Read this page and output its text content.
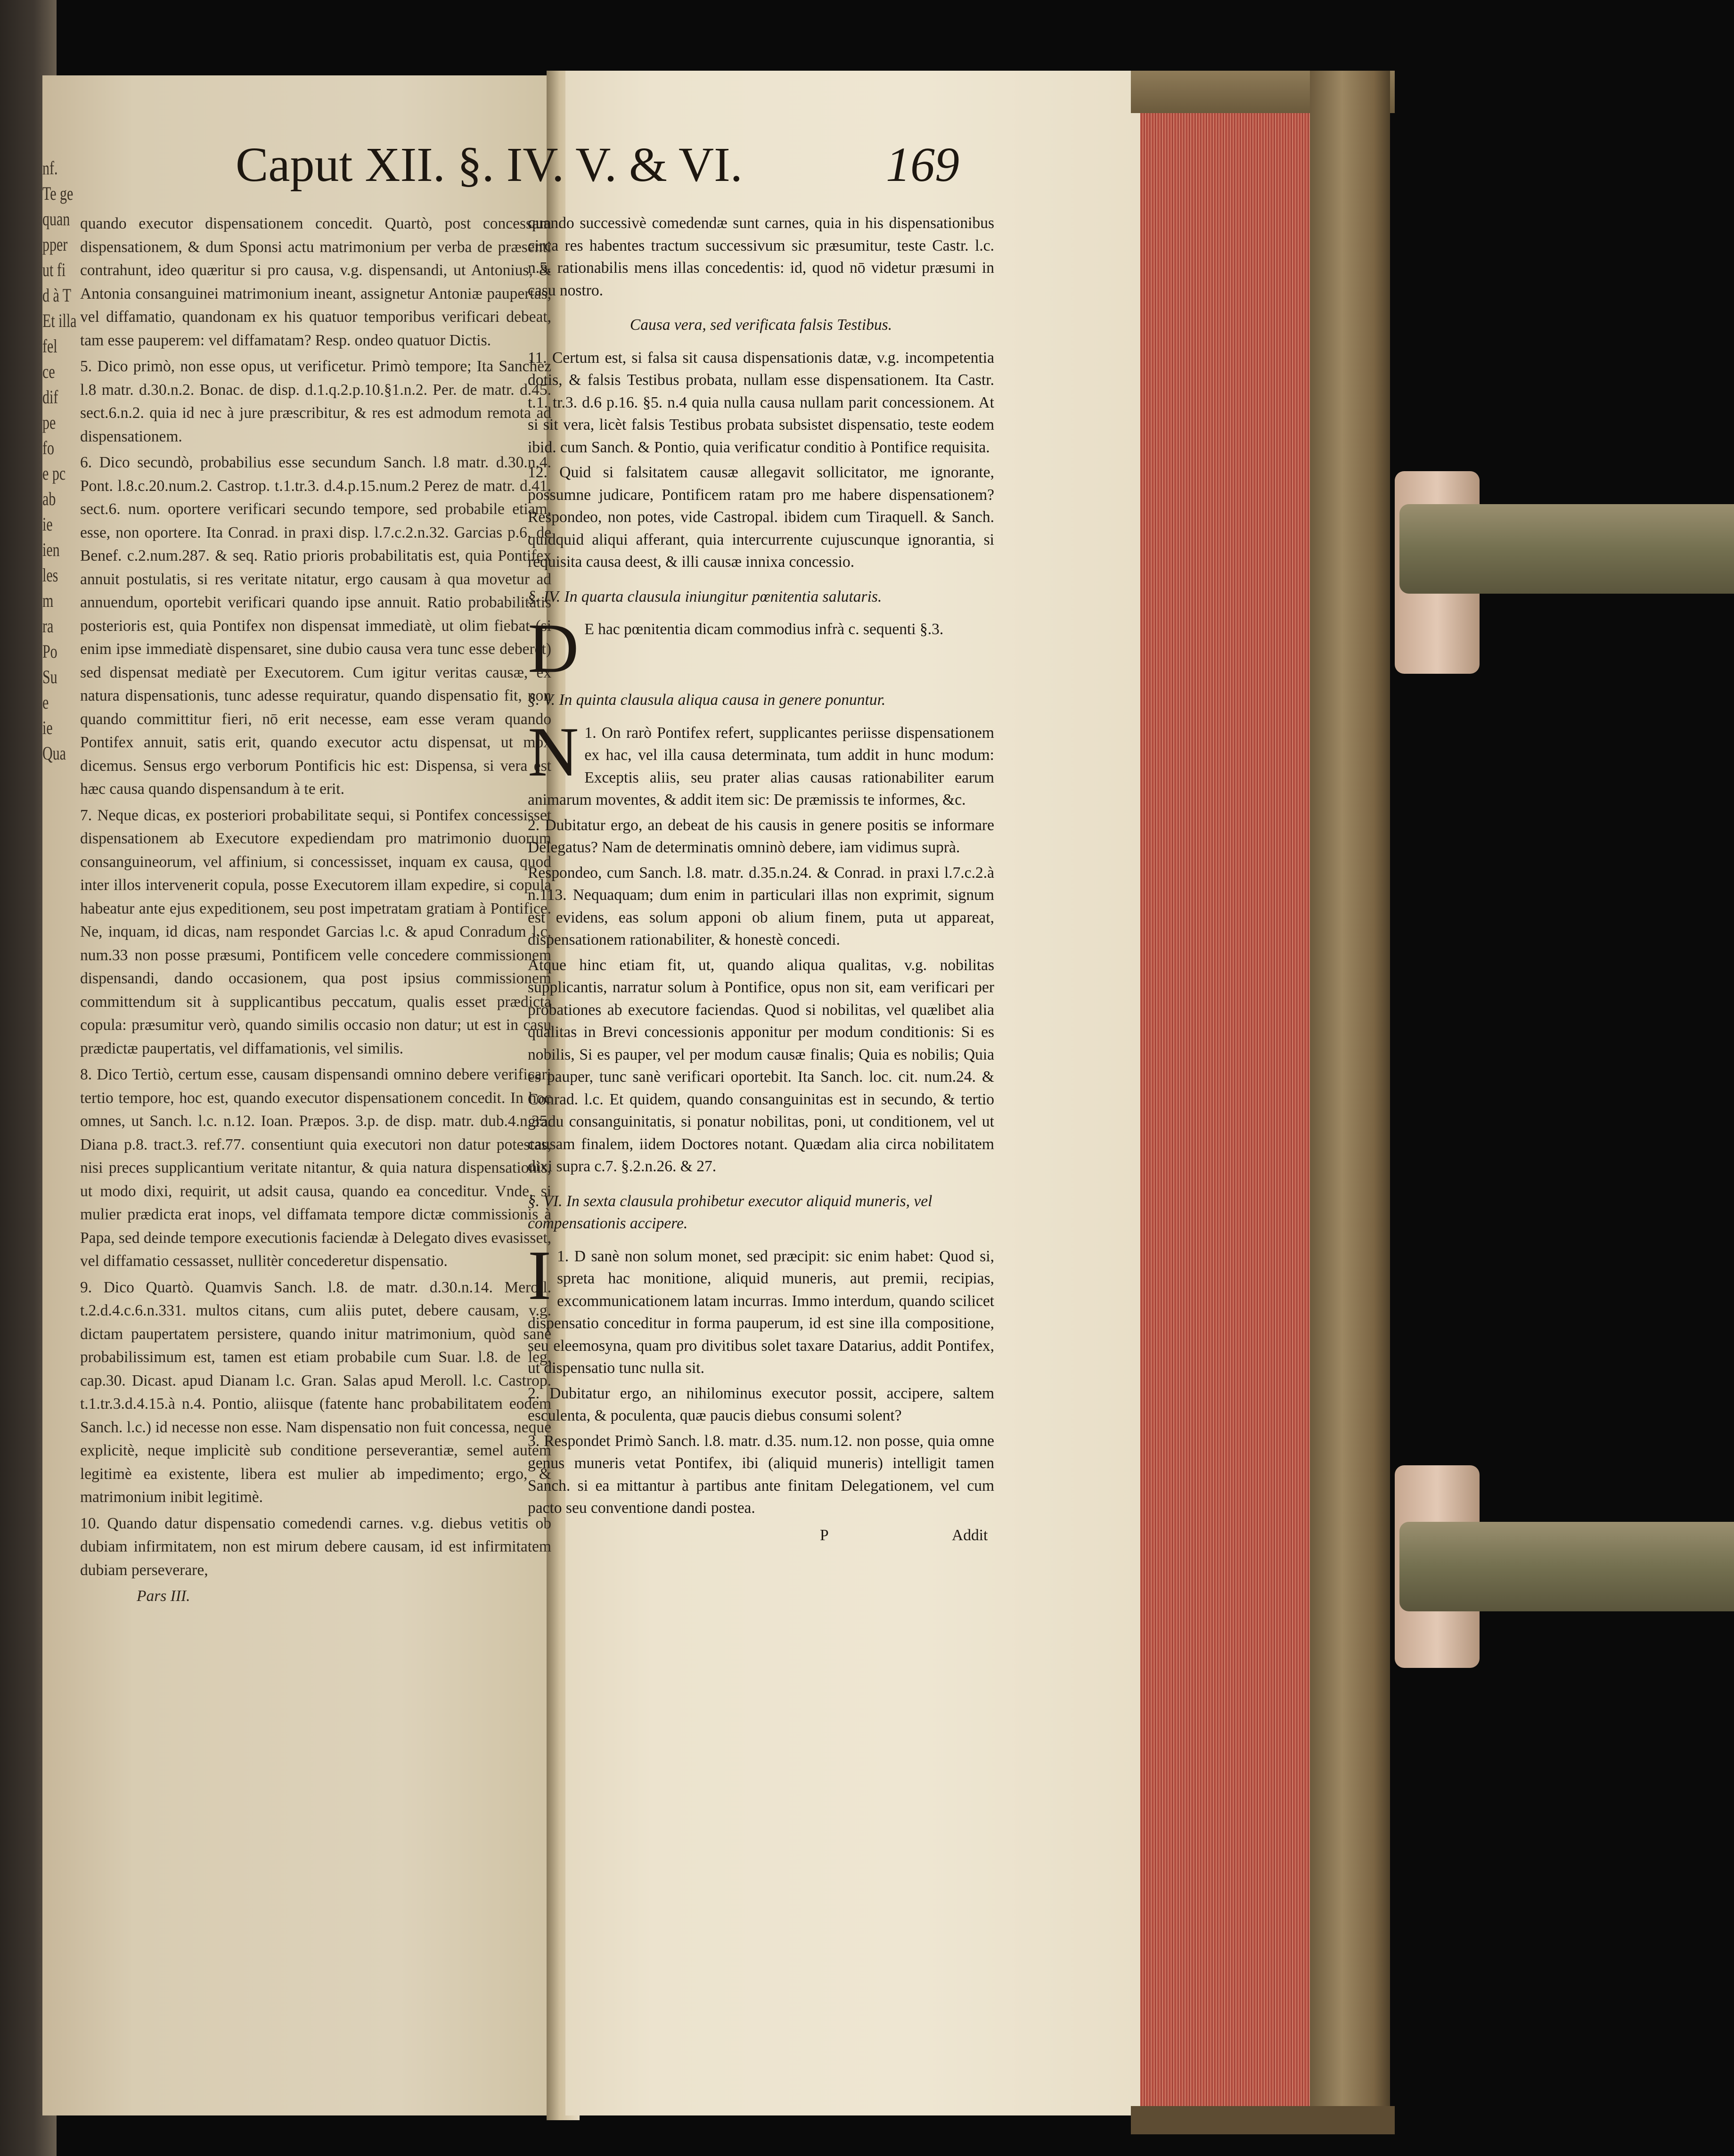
nf.
Te ge
quan
pper
ut fi
d à T
Et illa
fel
ce
dif
pe
fo
e pc
ab
ie
ien
les
m
ra
Po
Su
e
ie
Qua

quando executor dispensationem concedit. Quartò, post concessam dispensationem, & dum Sponsi actu matrimonium per verba de præsenti contrahunt, ideo quæritur si pro causa, v.g. dispensandi, ut Antonius, & Antonia consanguinei matrimonium ineant, assignetur Antoniæ paupertas, vel diffamatio, quandonam ex his quatuor temporibus verificari debeat, tam esse pauperem: vel diffamatam? Resp. ondeo quatuor Dictis.

5. Dico primò, non esse opus, ut verificetur. Primò tempore; Ita Sanchez l.8 matr. d.30.n.2. Bonac. de disp. d.1.q.2.p.10.§1.n.2. Per. de matr. d.45. sect.6.n.2. quia id nec à jure præscribitur, & res est admodum remota ad dispensationem.

6. Dico secundò, probabilius esse secundum Sanch. l.8 matr. d.30.n.4. Pont. l.8.c.20.num.2. Castrop. t.1.tr.3. d.4.p.15.num.2 Perez de matr. d.41. sect.6. num. oportere verificari secundo tempore, sed probabile etiam, esse, non oportere. Ita Conrad. in praxi disp. l.7.c.2.n.32. Garcias p.6. de Benef. c.2.num.287. & seq. Ratio prioris probabilitatis est, quia Pontifex annuit postulatis, si res veritate nitatur, ergo causam à qua movetur ad annuendum, oportebit verificari quando ipse annuit. Ratio probabilitatis posterioris est, quia Pontifex non dispensat immediatè, ut olim fiebat (si enim ipse immediatè dispensaret, sine dubio causa vera tunc esse deberet) sed dispensat mediatè per Executorem. Cum igitur veritas causæ, ex natura dispensationis, tunc adesse requiratur, quando dispensatio fit, non quando committitur fieri, nō erit necesse, eam esse veram quando Pontifex annuit, satis erit, quando executor actu dispensat, ut mox dicemus. Sensus ergo verborum Pontificis hic est: Dispensa, si vera est hæc causa quando dispensandum à te erit.

7. Neque dicas, ex posteriori probabilitate sequi, si Pontifex concessisset dispensationem ab Executore expediendam pro matrimonio duorum consanguineorum, vel affinium, si concessisset, inquam ex causa, quod inter illos intervenerit copula, posse Executorem illam expedire, si copula habeatur ante ejus expeditionem, seu post impetratam gratiam à Pontifice. Ne, inquam, id dicas, nam respondet Garcias l.c. & apud Conradum l.c. num.33 non posse præsumi, Pontificem velle concedere commissionem dispensandi, dando occasionem, qua post ipsius commissionem committendum sit à supplicantibus peccatum, qualis esset prædicta copula: præsumitur verò, quando similis occasio non datur; ut est in casu prædictæ paupertatis, vel diffamationis, vel similis.

8. Dico Tertiò, certum esse, causam dispensandi omnino debere verificari tertio tempore, hoc est, quando executor dispensationem concedit. In hoc omnes, ut Sanch. l.c. n.12. Ioan. Præpos. 3.p. de disp. matr. dub.4.n.35. Diana p.8. tract.3. ref.77. consentiunt quia executori non datur potestas, nisi preces supplicantium veritate nitantur, & quia natura dispensationis, ut modo dixi, requirit, ut adsit causa, quando ea conceditur. Vnde, si mulier prædicta erat inops, vel diffamata tempore dictæ commissionis à Papa, sed deinde tempore executionis faciendæ à Delegato dives evasisset, vel diffamatio cessasset, nullitèr concederetur dispensatio.

9. Dico Quartò. Quamvis Sanch. l.8. de matr. d.30.n.14. Meroll. t.2.d.4.c.6.n.331. multos citans, cum aliis putet, debere causam, v.g. dictam paupertatem persistere, quando initur matrimonium, quòd sanè probabilissimum est, tamen est etiam probabile cum Suar. l.8. de leg. cap.30. Dicast. apud Dianam l.c. Gran. Salas apud Meroll. l.c. Castrop. t.1.tr.3.d.4.15.à n.4. Pontio, aliisque (fatente hanc probabilitatem eodem Sanch. l.c.) id necesse non esse. Nam dispensatio non fuit concessa, neque explicitè, neque implicitè sub conditione perseverantiæ, semel autem legitimè ea existente, libera est mulier ab impedimento; ergo, & matrimonium inibit legitimè.

10. Quando datur dispensatio comedendi carnes. v.g. diebus vetitis ob dubiam infirmitatem, non est mirum debere causam, id est infirmitatem dubiam perseverare,

Pars III.

quando successivè comedendæ sunt carnes, quia in his dispensationibus circa res habentes tractum successivum sic præsumitur, teste Castr. l.c. n.5. rationabilis mens illas concedentis: id, quod nō videtur præsumi in casu nostro.

Causa vera, sed verificata falsis Testibus.

11. Certum est, si falsa sit causa dispensationis datæ, v.g. incompetentia dotis, & falsis Testibus probata, nullam esse dispensationem. Ita Castr. t.1. tr.3. d.6 p.16. §5. n.4 quia nulla causa nullam parit concessionem. At si sit vera, licèt falsis Testibus probata subsistet dispensatio, teste eodem ibid. cum Sanch. & Pontio, quia verificatur conditio à Pontifice requisita.

12. Quid si falsitatem causæ allegavit sollicitator, me ignorante, possumne judicare, Pontificem ratam pro me habere dispensationem? Respondeo, non potes, vide Castropal. ibidem cum Tiraquell. & Sanch. quidquid aliqui afferant, quia intercurrente cujuscunque ignorantia, si requisita causa deest, & illi causæ innixa concessio.

§. IV. In quarta clausula iniungitur pœnitentia salutaris.

D E hac pœnitentia dicam commodius infrà c. sequenti §.3.

§. V. In quinta clausula aliqua causa in genere ponuntur.

N 1. On rarò Pontifex refert, supplicantes periisse dispensationem ex hac, vel illa causa determinata, tum addit in hunc modum: Exceptis aliis, seu prater alias causas rationabiliter earum animarum moventes, & addit item sic: De præmissis te informes, &c.

2. Dubitatur ergo, an debeat de his causis in genere positis se informare Delegatus? Nam de determinatis omninò debere, iam vidimus suprà.

Respondeo, cum Sanch. l.8. matr. d.35.n.24. & Conrad. in praxi l.7.c.2.à n.113. Nequaquam; dum enim in particulari illas non exprimit, signum est evidens, eas solum apponi ob alium finem, puta ut appareat, dispensationem rationabiliter, & honestè concedi.

Atque hinc etiam fit, ut, quando aliqua qualitas, v.g. nobilitas supplicantis, narratur solum à Pontifice, opus non sit, eam verificari per probationes ab executore faciendas. Quod si nobilitas, vel quælibet alia qualitas in Brevi concessionis apponitur per modum conditionis: Si es nobilis, Si es pauper, vel per modum causæ finalis; Quia es nobilis; Quia es pauper, tunc sanè verificari oportebit. Ita Sanch. loc. cit. num.24. & Conrad. l.c. Et quidem, quando consanguinitas est in secundo, & tertio gradu consanguinitatis, si ponatur nobilitas, poni, ut conditionem, vel ut causam finalem, iidem Doctores notant. Quædam alia circa nobilitatem dixi supra c.7. §.2.n.26. & 27.

§. VI. In sexta clausula prohibetur executor aliquid muneris, vel compensationis accipere.

I 1. D sanè non solum monet, sed præcipit: sic enim habet: Quod si, spreta hac monitione, aliquid muneris, aut premii, recipias, excommunicationem latam incurras. Immo interdum, quando scilicet dispensatio conceditur in forma pauperum, id est sine illa compositione, seu eleemosyna, quam pro divitibus solet taxare Datarius, addit Pontifex, ut dispensatio tunc nulla sit.

2. Dubitatur ergo, an nihilominus executor possit, accipere, saltem esculenta, & poculenta, quæ paucis diebus consumi solent?

3. Respondet Primò Sanch. l.8. matr. d.35. num.12. non posse, quia omne genus muneris vetat Pontifex, ibi (aliquid muneris) intelligit tamen Sanch. si ea mittantur à partibus ante finitam Delegationem, vel cum pacto seu conventione dandi postea.

P	Addit
Caput XII. §. IV. V. & VI.	169
